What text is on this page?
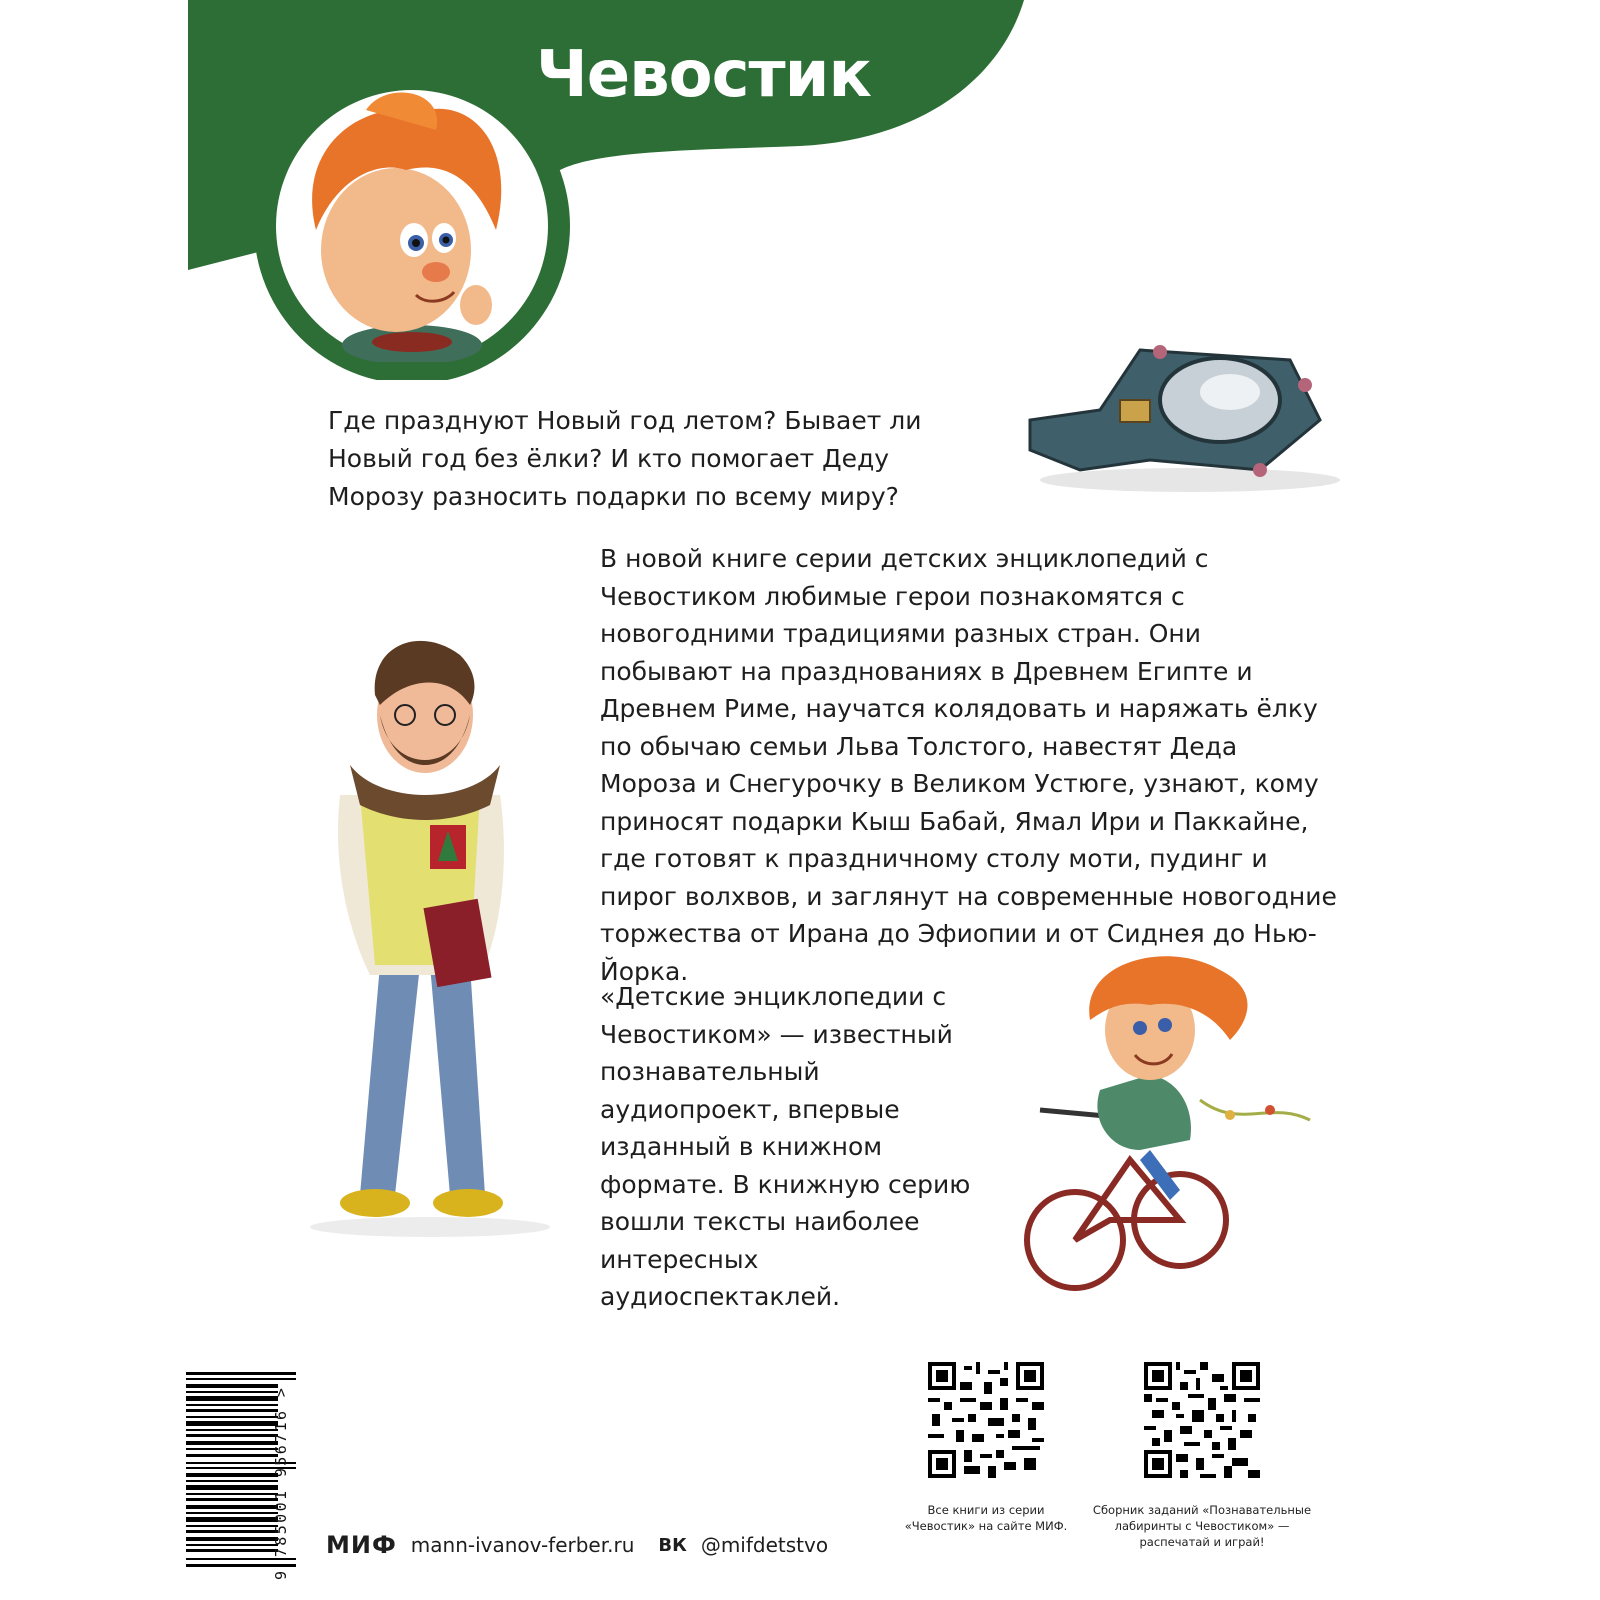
Чевостик

Где празднуют Новый год летом? Бывает ли Новый год без ёлки? И кто помогает Деду Морозу разносить подарки по всему миру?

В новой книге серии детских энциклопедий с Чевостиком любимые герои познакомятся с новогодними традициями разных стран. Они побывают на празднованиях в Древнем Египте и Древнем Риме, научатся колядовать и наряжать ёлку по обычаю семьи Льва Толстого, навестят Деда Мороза и Снегурочку в Великом Устюге, узнают, кому приносят подарки Кыш Бабай, Ямал Ири и Паккайне, где готовят к праздничному столу моти, пудинг и пирог волхвов, и заглянут на современные новогодние торжества от Ирана до Эфиопии и от Сиднея до Нью-Йорка.

«Детские энциклопедии с Чевостиком» — известный познавательный аудиопроект, впервые изданный в книжном формате. В книжную серию вошли тексты наиболее интересных аудиоспектаклей.

9 785001 956716 > МИФ mann-ivanov-ferber.ru ВК @mifdetstvo

Все книги из серии «Чевостик» на сайте МИФ.

Сборник заданий «Познавательные лабиринты с Чевостиком» — распечатай и играй!
